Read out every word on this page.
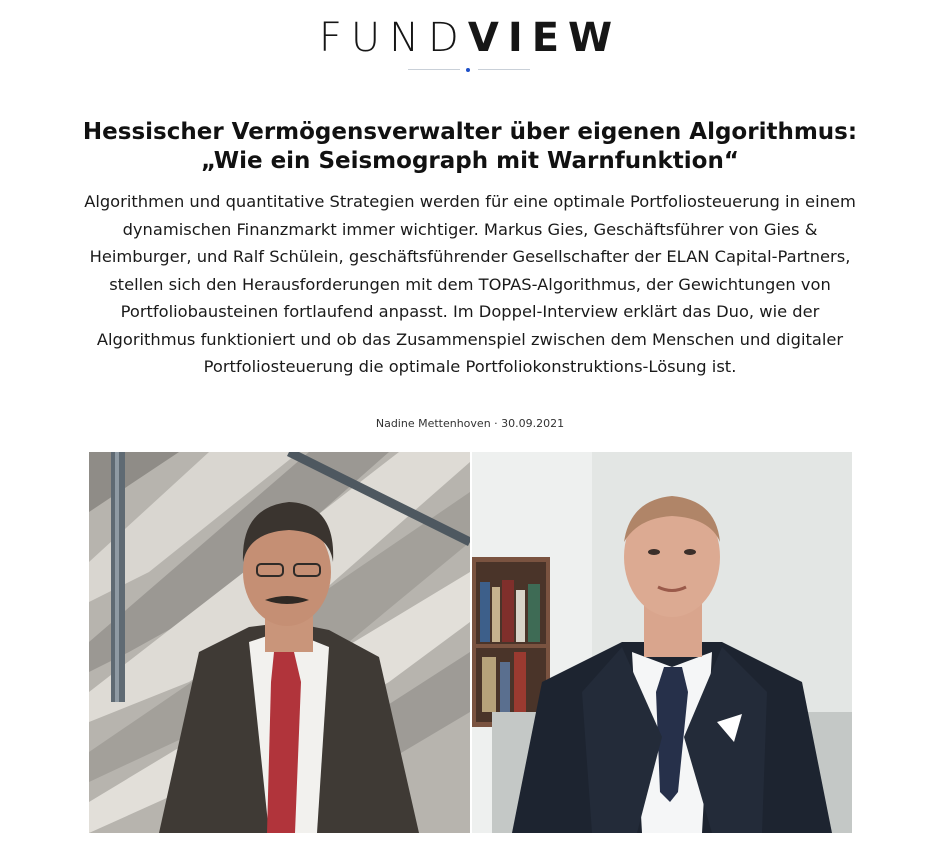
FUNDVIEW
Hessischer Vermögensverwalter über eigenen Algorithmus: „Wie ein Seismograph mit Warnfunktion“

Algorithmen und quantitative Strategien werden für eine optimale Portfoliosteuerung in einem dynamischen Finanzmarkt immer wichtiger. Markus Gies, Geschäftsführer von Gies & Heimburger, und Ralf Schülein, geschäftsführender Gesellschafter der ELAN Capital-Partners, stellen sich den Herausforderungen mit dem TOPAS-Algorithmus, der Gewichtungen von Portfoliobausteinen fortlaufend anpasst. Im Doppel-Interview erklärt das Duo, wie der Algorithmus funktioniert und ob das Zusammenspiel zwischen dem Menschen und digitaler Portfoliosteuerung die optimale Portfoliokonstruktions-Lösung ist.

Nadine Mettenhoven · 30.09.2021
